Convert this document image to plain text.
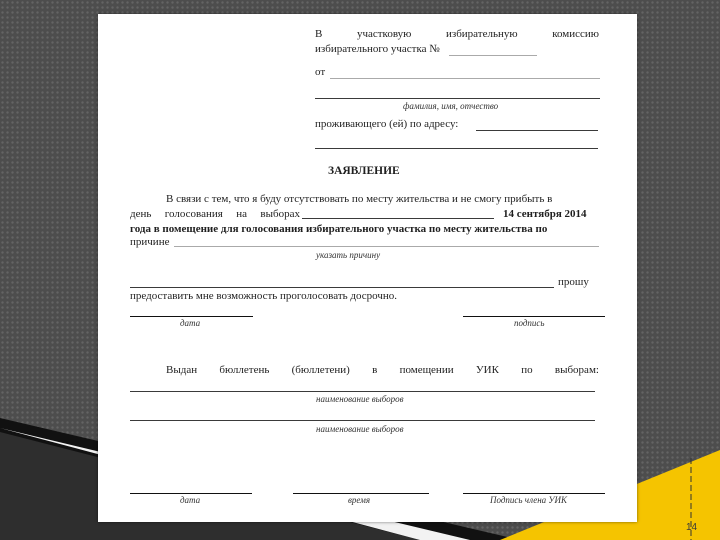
В	участковую	избирательную	комиссию
избирательного участка №
от
фамилия, имя, отчество
проживающего (ей) по адресу:
ЗАЯВЛЕНИЕ
В связи с тем, что я буду отсутствовать по месту жительства и не смогу прибыть в
день голосования на выборах	14 сентября 2014
года в помещение для голосования избирательного участка по месту жительства по
причине
указать причину
прошу
предоставить мне возможность проголосовать досрочно.
дата	подпись
Выдан бюллетень (бюллетени) в помещении УИК по выборам:
наименование выборов
наименование выборов
дата	время	Подпись члена УИК
14
